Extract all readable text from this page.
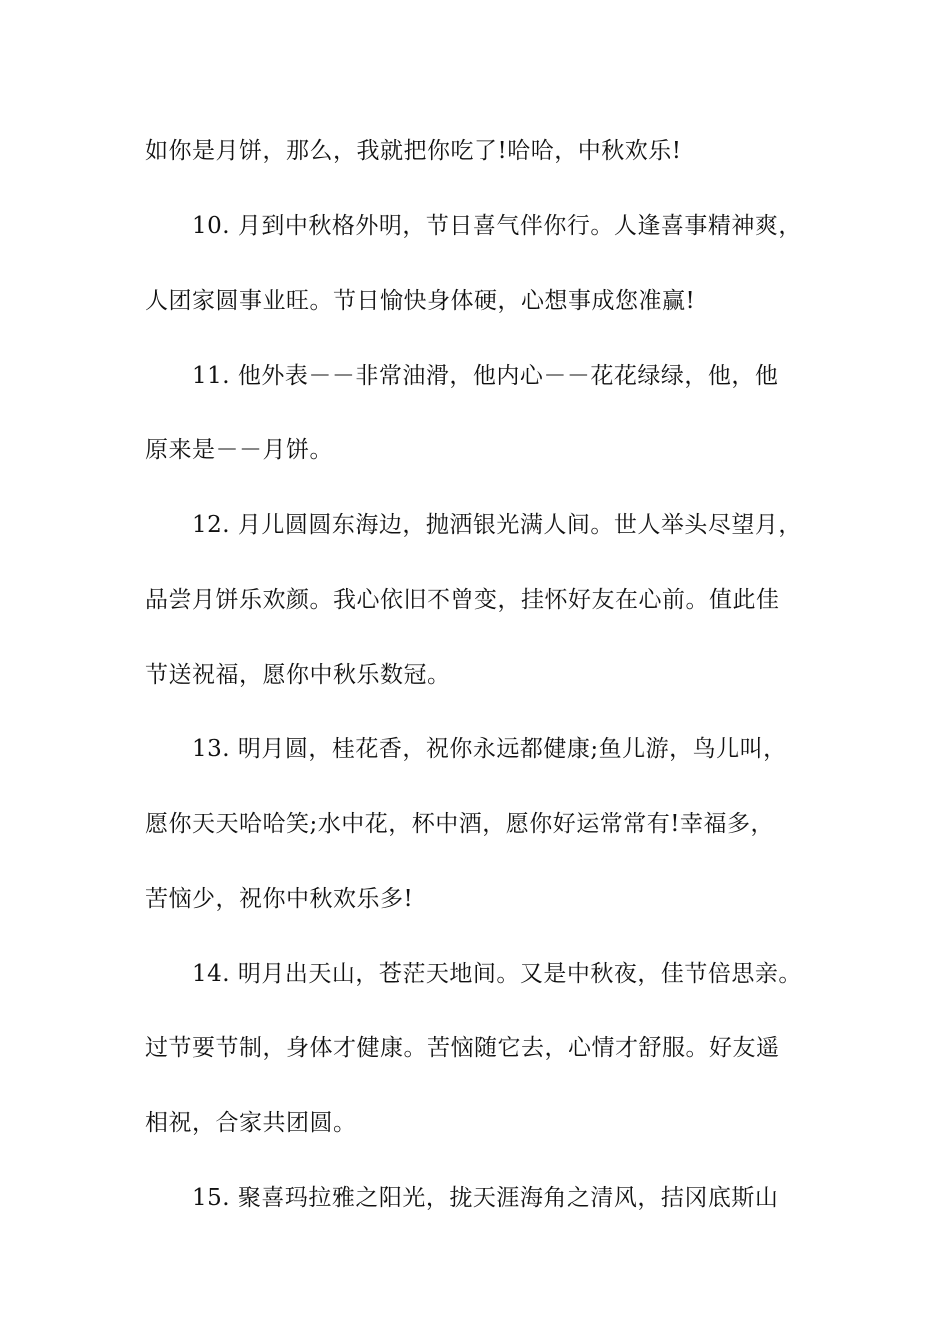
如你是月饼，那么，我就把你吃了!哈哈，中秋欢乐!
10. 月到中秋格外明，节日喜气伴你行。人逢喜事精神爽，
人团家圆事业旺。节日愉快身体硬，心想事成您准赢!
11. 他外表－－非常油滑，他内心－－花花绿绿，他，他
原来是－－月饼。
12. 月儿圆圆东海边，抛洒银光满人间。世人举头尽望月，
品尝月饼乐欢颜。我心依旧不曾变，挂怀好友在心前。值此佳
节送祝福，愿你中秋乐数冠。
13. 明月圆，桂花香，祝你永远都健康;鱼儿游，鸟儿叫，
愿你天天哈哈笑;水中花，杯中酒，愿你好运常常有!幸福多，
苦恼少，祝你中秋欢乐多!
14. 明月出天山，苍茫天地间。又是中秋夜，佳节倍思亲。
过节要节制，身体才健康。苦恼随它去，心情才舒服。好友遥
相祝，合家共团圆。
15. 聚喜玛拉雅之阳光，拢天涯海角之清风，拮冈底斯山
